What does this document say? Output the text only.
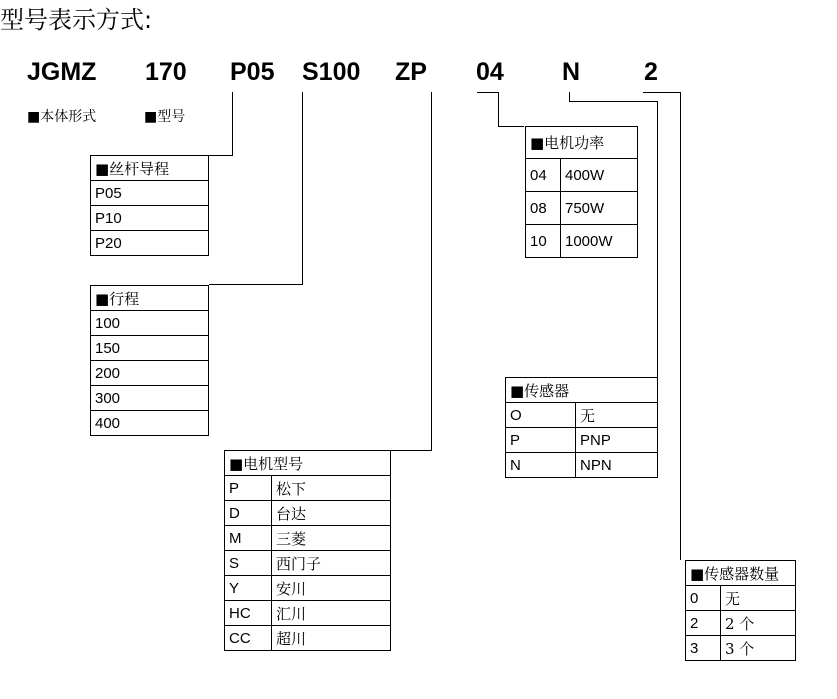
型号表示方式:
JGMZ 170 P05 S100 ZP 04 N	2
■本体形式	■型号
■丝杆导程
P05
P10
P20
■行程
100
150
200
300
400
■电机型号	
P	松下
D	台达
M	三菱
S	西门子
Y	安川
HC	汇川
CC	超川
■电机功率	
04	400W
08	750W
10	1000W
■传感器	
O	无
P	PNP
N	NPN
■传感器数量	
0	无
2	2 个
3	3 个
